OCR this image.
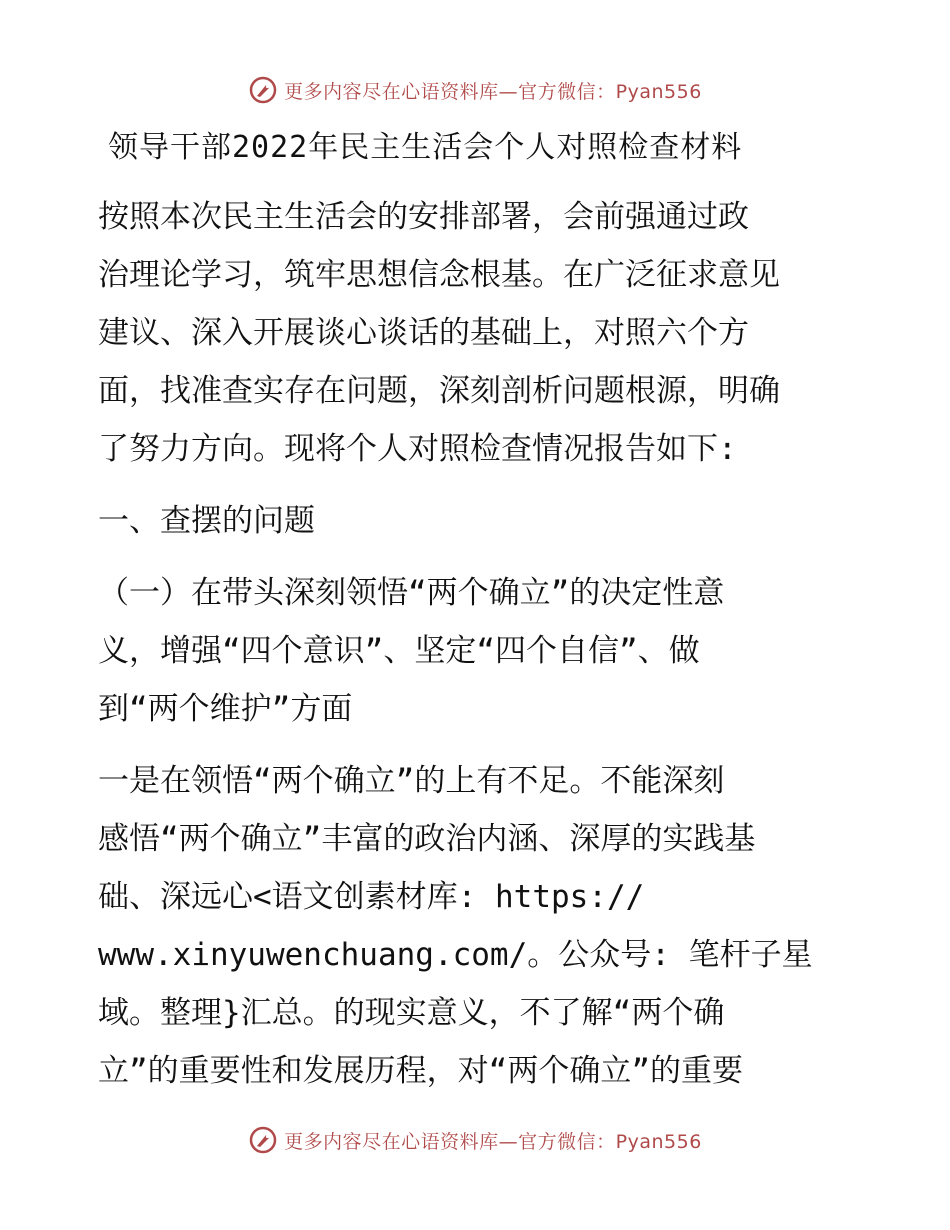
更多内容尽在心语资料库—官方微信：Pyan556
领导干部2022年民主生活会个人对照检查材料
按照本次民主生活会的安排部署，会前强通过政
治理论学习，筑牢思想信念根基。在广泛征求意见
建议、深入开展谈心谈话的基础上，对照六个方
面，找准查实存在问题，深刻剖析问题根源，明确
了努力方向。现将个人对照检查情况报告如下:
一、查摆的问题
（一）在带头深刻领悟“两个确立”的决定性意
义，增强“四个意识”、坚定“四个自信”、做
到“两个维护”方面
一是在领悟“两个确立”的上有不足。不能深刻
感悟“两个确立”丰富的政治内涵、深厚的实践基
础、深远心<语文创素材库: https://
www.xinyuwenchuang.com/。公众号: 笔杆子星
域。整理}汇总。的现实意义，不了解“两个确
立”的重要性和发展历程，对“两个确立”的重要
更多内容尽在心语资料库—官方微信：Pyan556
